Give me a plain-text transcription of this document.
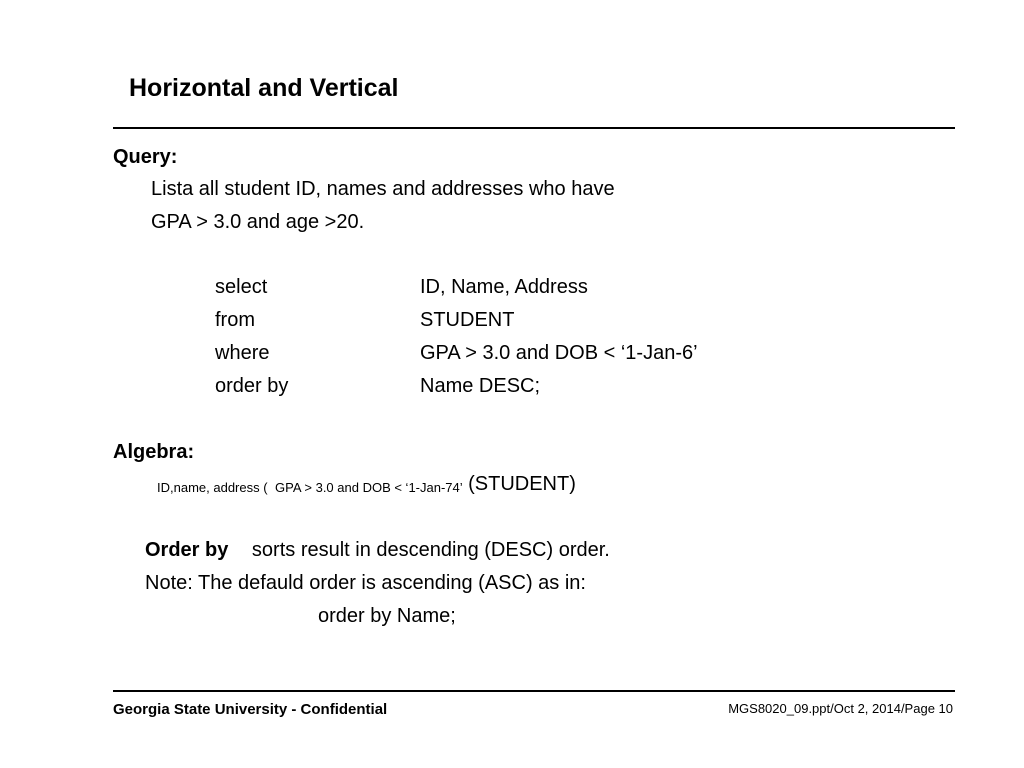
Horizontal and Vertical
Query:
Lista all student ID, names and addresses who have
GPA > 3.0 and age >20.
select	ID, Name, Address
from	STUDENT
where	GPA > 3.0 and DOB < ‘1-Jan-6’
order by	Name DESC;
Algebra:
ID,name, address ( GPA > 3.0 and DOB < ‘1-Jan-74’ (STUDENT)
Order by sorts result in descending (DESC) order.
Note: The defauld order is ascending (ASC) as in:
order by Name;
Georgia State University - Confidential	MGS8020_09.ppt/Oct 2, 2014/Page 10
